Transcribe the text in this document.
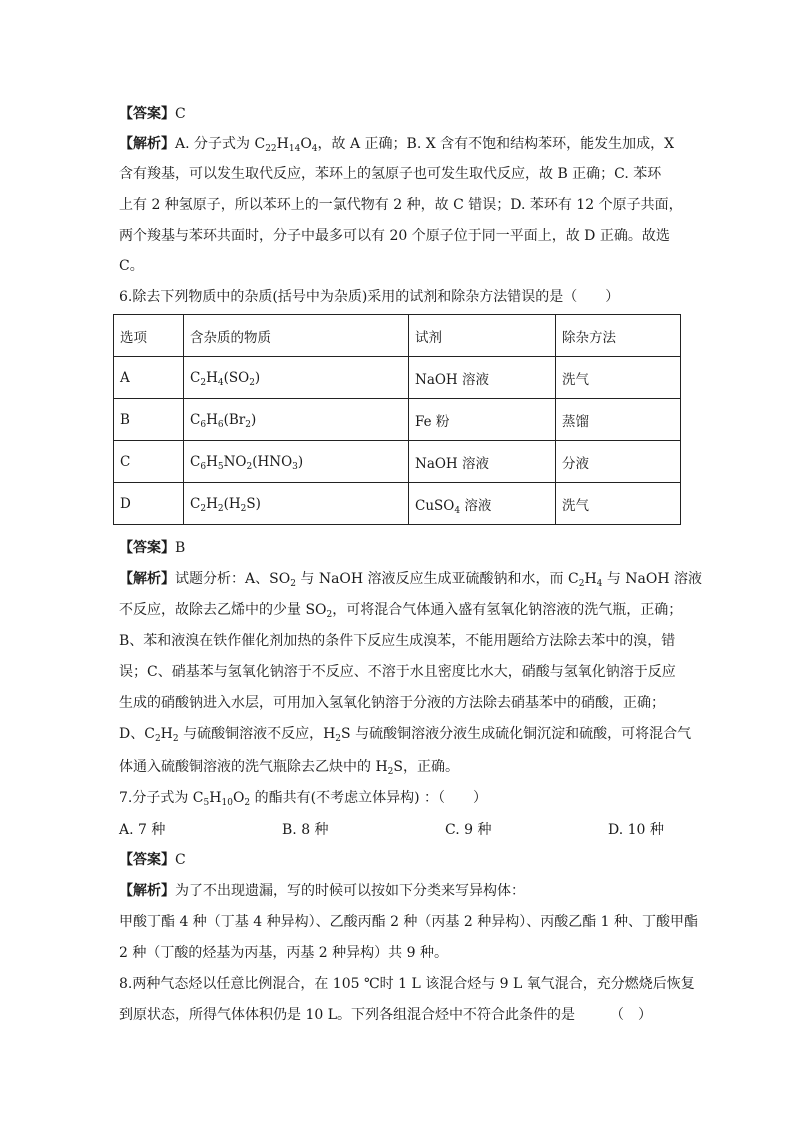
【答案】C
【解析】A. 分子式为 $C_{22}H_{14}O_4$，故 A 正确；B. X 含有不饱和结构苯环，能发生加成，X
含有羧基，可以发生取代反应，苯环上的氢原子也可发生取代反应，故 B 正确；C. 苯环
上有 2 种氢原子，所以苯环上的一氯代物有 2 种，故 C 错误；D. 苯环有 12 个原子共面，
两个羧基与苯环共面时，分子中最多可以有 20 个原子位于同一平面上，故 D 正确。故选
C。
6.除去下列物质中的杂质(括号中为杂质)采用的试剂和除杂方法错误的是（　　）
选项	含杂质的物质	试剂	除杂方法
A	$C_2H_4(SO_2)$	NaOH 溶液	洗气
B	$C_6H_6(Br_2)$	Fe 粉	蒸馏
C	$C_6H_5NO_2(HNO_3)$	NaOH 溶液	分液
D	$C_2H_2(H_2S)$	CuSO$_4$ 溶液	洗气
【答案】B
【解析】试题分析：A、$SO_2$ 与 NaOH 溶液反应生成亚硫酸钠和水，而 $C_2H_4$ 与 NaOH 溶液
不反应，故除去乙烯中的少量 $SO_2$，可将混合气体通入盛有氢氧化钠溶液的洗气瓶，正确；
B、苯和液溴在铁作催化剂加热的条件下反应生成溴苯，不能用题给方法除去苯中的溴，错
误；C、硝基苯与氢氧化钠溶于不反应、不溶于水且密度比水大，硝酸与氢氧化钠溶于反应
生成的硝酸钠进入水层，可用加入氢氧化钠溶于分液的方法除去硝基苯中的硝酸，正确；
D、$C_2H_2$ 与硫酸铜溶液不反应，$H_2S$ 与硫酸铜溶液分液生成硫化铜沉淀和硫酸，可将混合气
体通入硫酸铜溶液的洗气瓶除去乙炔中的 $H_2S$，正确。
7.分子式为 $C_5H_{10}O_2$ 的酯共有(不考虑立体异构) ：（　　）
A. 7 种	B. 8 种	C. 9 种	D. 10 种
【答案】C
【解析】为了不出现遗漏，写的时候可以按如下分类来写异构体：
甲酸丁酯 4 种（丁基 4 种异构）、乙酸丙酯 2 种（丙基 2 种异构）、丙酸乙酯 1 种、丁酸甲酯
2 种（丁酸的烃基为丙基，丙基 2 种异构）共 9 种。
8.两种气态烃以任意比例混合，在 105 ℃时 1 L 该混合烃与 9 L 氧气混合，充分燃烧后恢复
到原状态，所得气体体积仍是 10 L。下列各组混合烃中不符合此条件的是　　　（　）
